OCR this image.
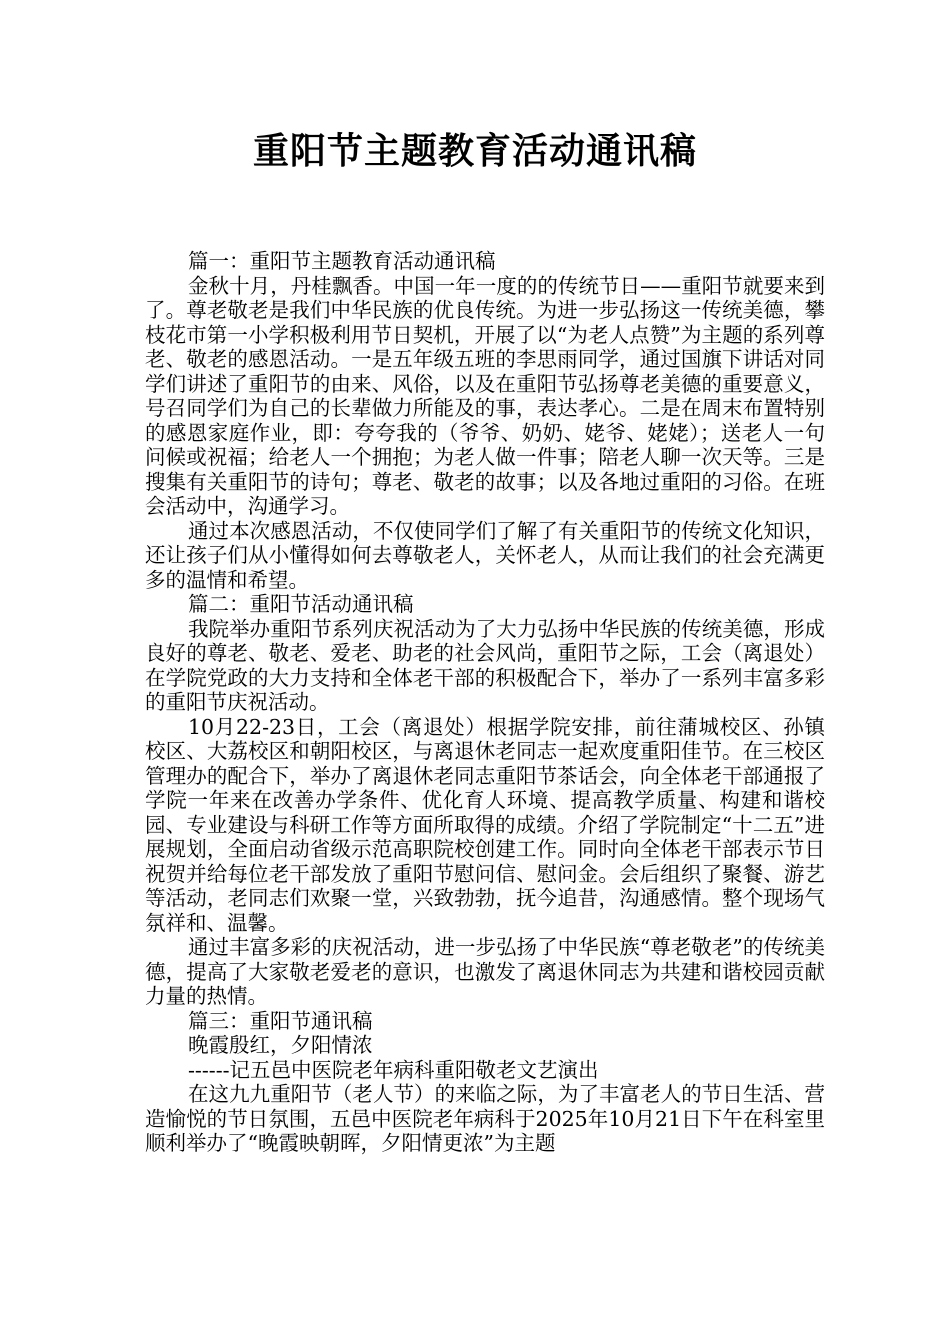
重阳节主题教育活动通讯稿
篇一：重阳节主题教育活动通讯稿

金秋十月，丹桂飘香。中国一年一度的的传统节日——重阳节就要来到了。尊老敬老是我们中华民族的优良传统。为进一步弘扬这一传统美德，攀枝花市第一小学积极利用节日契机，开展了以“为老人点赞”为主题的系列尊老、敬老的感恩活动。一是五年级五班的李思雨同学，通过国旗下讲话对同学们讲述了重阳节的由来、风俗，以及在重阳节弘扬尊老美德的重要意义，号召同学们为自己的长辈做力所能及的事，表达孝心。二是在周末布置特别的感恩家庭作业，即：夸夸我的（爷爷、奶奶、姥爷、姥姥）；送老人一句问候或祝福；给老人一个拥抱；为老人做一件事；陪老人聊一次天等。三是搜集有关重阳节的诗句；尊老、敬老的故事；以及各地过重阳的习俗。在班会活动中，沟通学习。

通过本次感恩活动，不仅使同学们了解了有关重阳节的传统文化知识，还让孩子们从小懂得如何去尊敬老人，关怀老人，从而让我们的社会充满更多的温情和希望。

篇二：重阳节活动通讯稿

我院举办重阳节系列庆祝活动为了大力弘扬中华民族的传统美德，形成良好的尊老、敬老、爱老、助老的社会风尚，重阳节之际，工会（离退处）在学院党政的大力支持和全体老干部的积极配合下，举办了一系列丰富多彩的重阳节庆祝活动。

10月22-23日，工会（离退处）根据学院安排，前往蒲城校区、孙镇校区、大荔校区和朝阳校区，与离退休老同志一起欢度重阳佳节。在三校区管理办的配合下，举办了离退休老同志重阳节茶话会，向全体老干部通报了学院一年来在改善办学条件、优化育人环境、提高教学质量、构建和谐校园、专业建设与科研工作等方面所取得的成绩。介绍了学院制定“十二五”进展规划，全面启动省级示范高职院校创建工作。同时向全体老干部表示节日祝贺并给每位老干部发放了重阳节慰问信、慰问金。会后组织了聚餐、游艺等活动，老同志们欢聚一堂，兴致勃勃，抚今追昔，沟通感情。整个现场气氛祥和、温馨。

通过丰富多彩的庆祝活动，进一步弘扬了中华民族“尊老敬老”的传统美德，提高了大家敬老爱老的意识，也激发了离退休同志为共建和谐校园贡献力量的热情。

篇三：重阳节通讯稿
晚霞殷红，夕阳情浓
------记五邑中医院老年病科重阳敬老文艺演出

在这九九重阳节（老人节）的来临之际，为了丰富老人的节日生活、营造愉悦的节日氛围，五邑中医院老年病科于2025年10月21日下午在科室里顺利举办了“晚霞映朝晖，夕阳情更浓”为主题
